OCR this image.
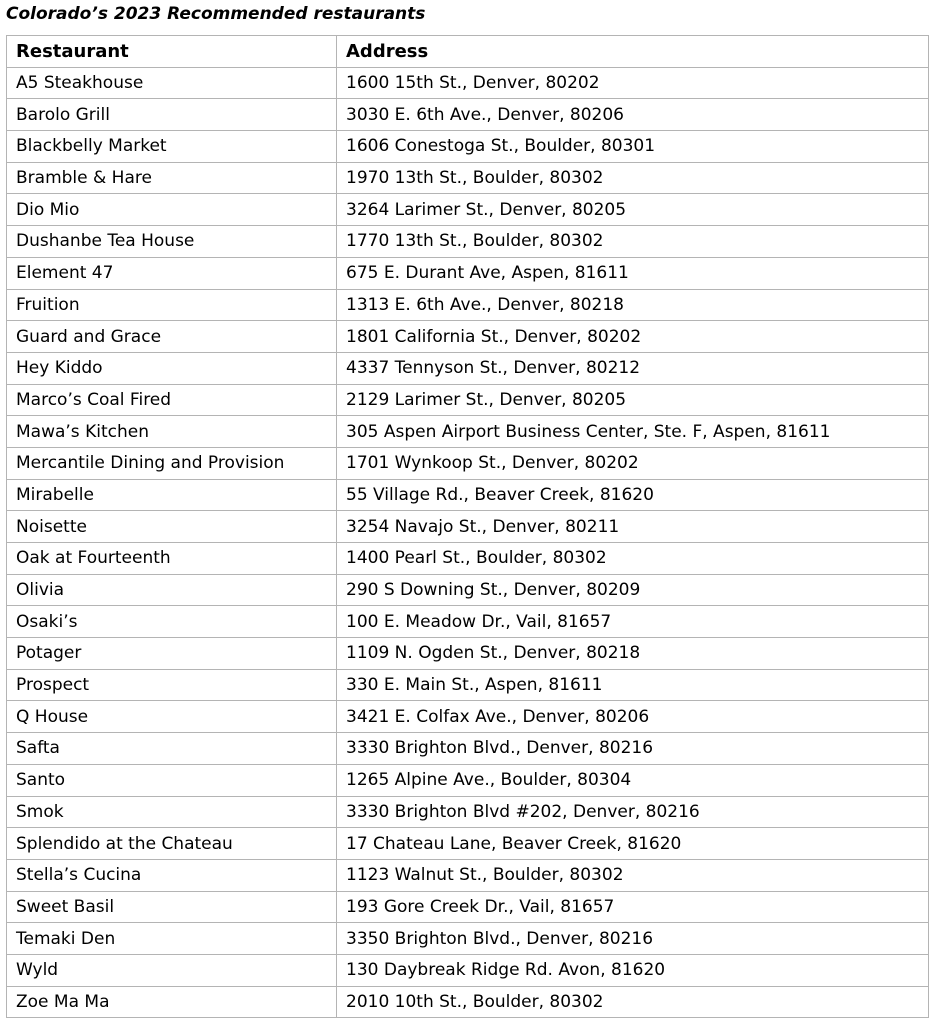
Colorado’s 2023 Recommended restaurants
Restaurant	Address
A5 Steakhouse	1600 15th St., Denver, 80202
Barolo Grill	3030 E. 6th Ave., Denver, 80206
Blackbelly Market	1606 Conestoga St., Boulder, 80301
Bramble & Hare	1970 13th St., Boulder, 80302
Dio Mio	3264 Larimer St., Denver, 80205
Dushanbe Tea House	1770 13th St., Boulder, 80302
Element 47	675 E. Durant Ave, Aspen, 81611
Fruition	1313 E. 6th Ave., Denver, 80218
Guard and Grace	1801 California St., Denver, 80202
Hey Kiddo	4337 Tennyson St., Denver, 80212
Marco’s Coal Fired	2129 Larimer St., Denver, 80205
Mawa’s Kitchen	305 Aspen Airport Business Center, Ste. F, Aspen, 81611
Mercantile Dining and Provision	1701 Wynkoop St., Denver, 80202
Mirabelle	55 Village Rd., Beaver Creek, 81620
Noisette	3254 Navajo St., Denver, 80211
Oak at Fourteenth	1400 Pearl St., Boulder, 80302
Olivia	290 S Downing St., Denver, 80209
Osaki’s	100 E. Meadow Dr., Vail, 81657
Potager	1109 N. Ogden St., Denver, 80218
Prospect	330 E. Main St., Aspen, 81611
Q House	3421 E. Colfax Ave., Denver, 80206
Safta	3330 Brighton Blvd., Denver, 80216
Santo	1265 Alpine Ave., Boulder, 80304
Smok	3330 Brighton Blvd #202, Denver, 80216
Splendido at the Chateau	17 Chateau Lane, Beaver Creek, 81620
Stella’s Cucina	1123 Walnut St., Boulder, 80302
Sweet Basil	193 Gore Creek Dr., Vail, 81657
Temaki Den	3350 Brighton Blvd., Denver, 80216
Wyld	130 Daybreak Ridge Rd. Avon, 81620
Zoe Ma Ma	2010 10th St., Boulder, 80302
